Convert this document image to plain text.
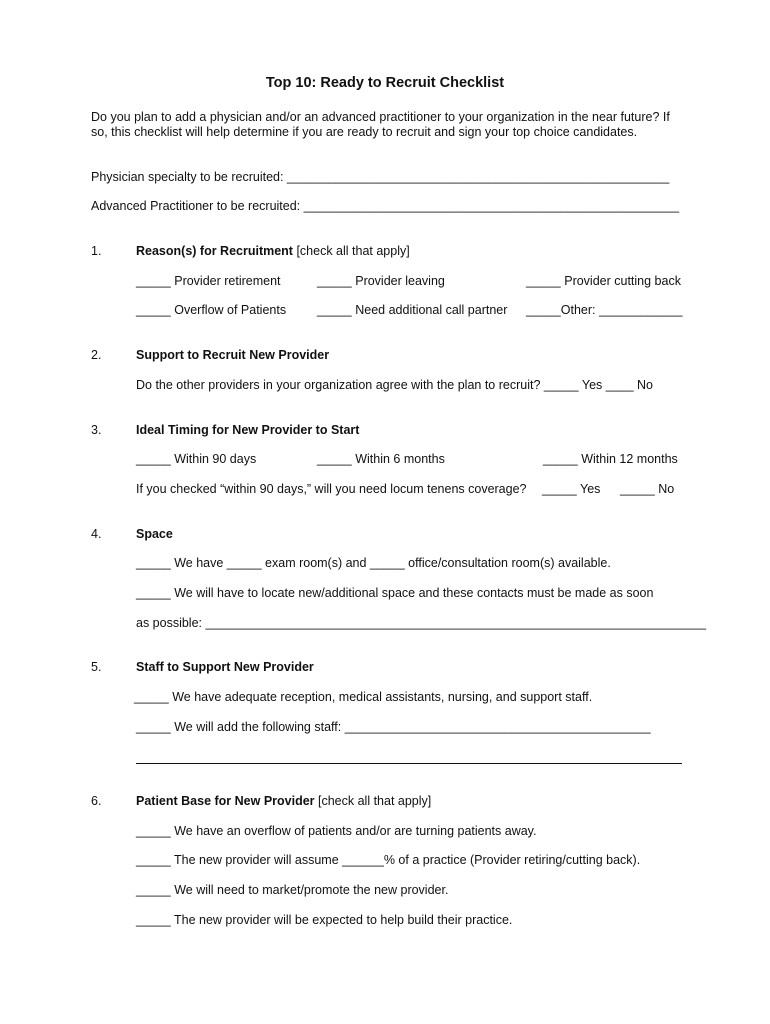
Top 10: Ready to Recruit Checklist
Do you plan to add a physician and/or an advanced practitioner to your organization in the near future? If
so, this checklist will help determine if you are ready to recruit and sign your top choice candidates.
Physician specialty to be recruited: _______________________________________________________
Advanced Practitioner to be recruited: ______________________________________________________
1.	Reason(s) for Recruitment [check all that apply]
_____ Provider retirement	_____ Provider leaving	_____ Provider cutting back
_____ Overflow of Patients _____ Need additional call partner _____Other: ____________
2.	Support to Recruit New Provider
Do the other providers in your organization agree with the plan to recruit? _____ Yes ____ No
3.	Ideal Timing for New Provider to Start
_____ Within 90 days	_____ Within 6 months	_____ Within 12 months
If you checked “within 90 days,” will you need locum tenens coverage? _____ Yes _____ No
4.	Space
_____ We have _____ exam room(s) and _____ office/consultation room(s) available.
_____ We will have to locate new/additional space and these contacts must be made as soon
as possible: ________________________________________________________________________
5.	Staff to Support New Provider
_____ We have adequate reception, medical assistants, nursing, and support staff.
_____ We will add the following staff: ____________________________________________
6.	Patient Base for New Provider [check all that apply]
_____ We have an overflow of patients and/or are turning patients away.
_____ The new provider will assume ______% of a practice (Provider retiring/cutting back).
_____ We will need to market/promote the new provider.
_____ The new provider will be expected to help build their practice.
